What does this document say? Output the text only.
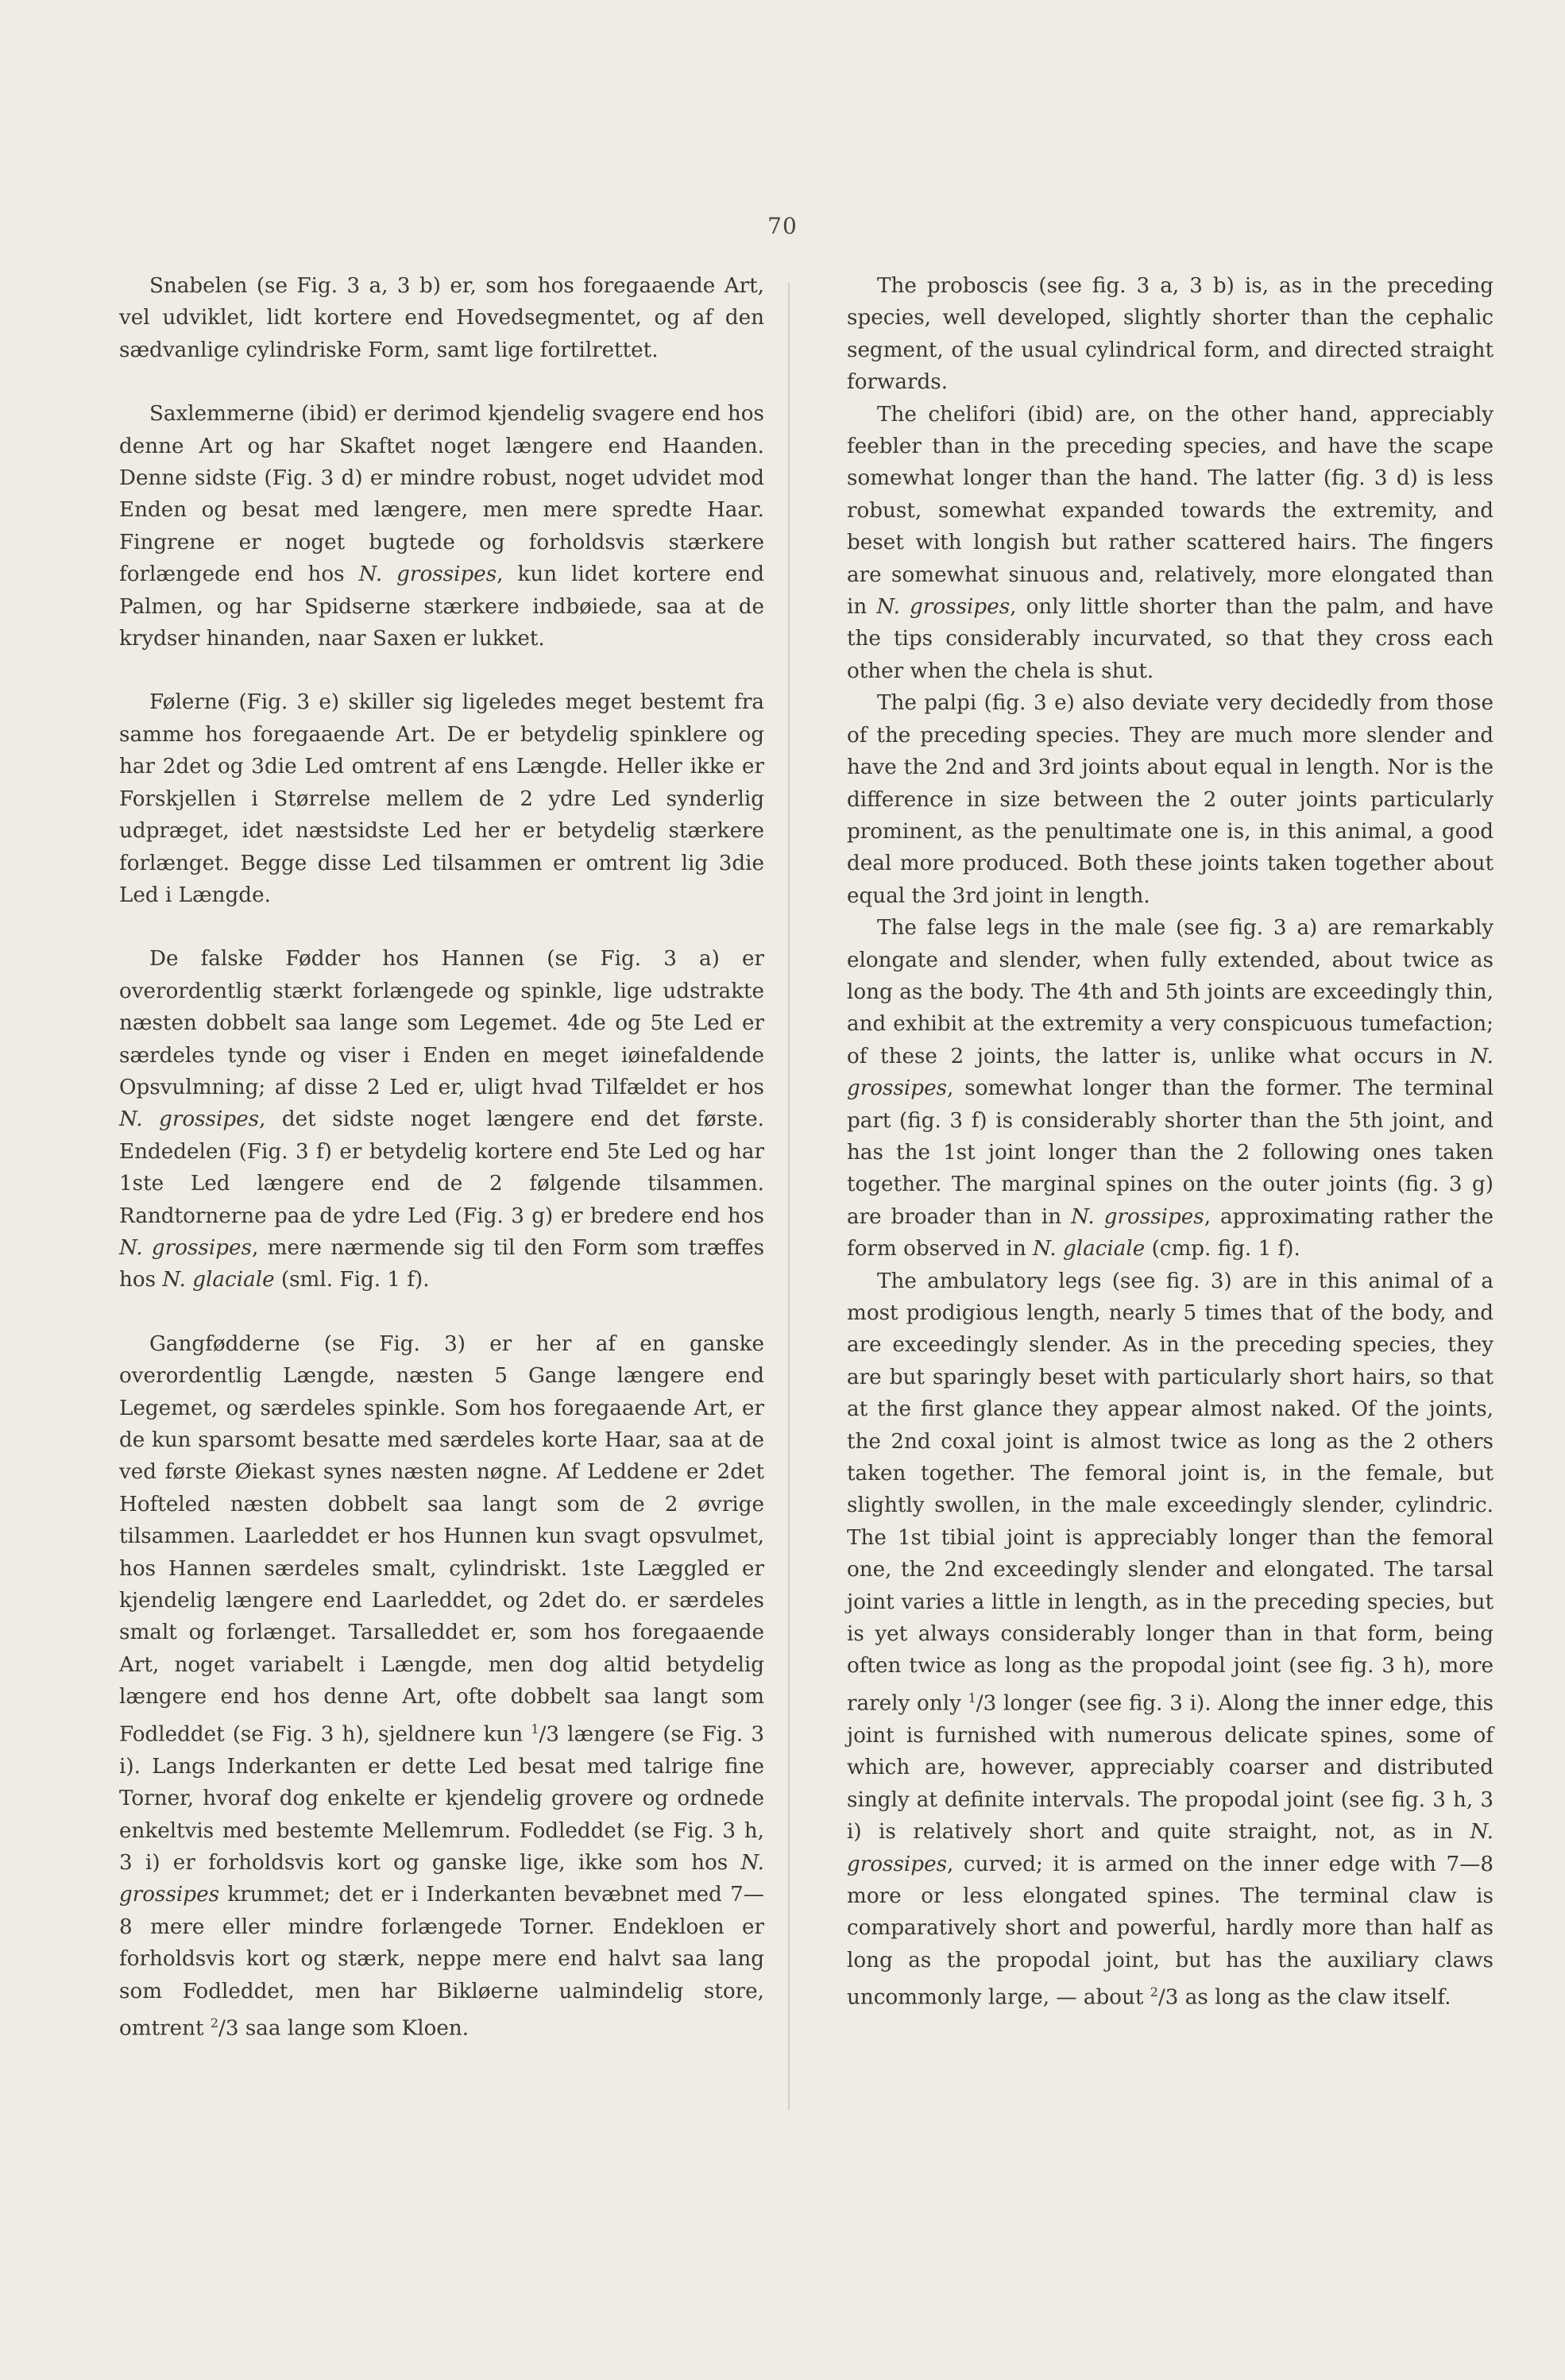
70

Snabelen (se Fig. 3 a, 3 b) er, som hos foregaaende Art, vel udviklet, lidt kortere end Hovedsegmentet, og af den sædvanlige cylindriske Form, samt lige fortilrettet.

Saxlemmerne (ibid) er derimod kjendelig svagere end hos denne Art og har Skaftet noget længere end Haanden. Denne sidste (Fig. 3 d) er mindre robust, noget udvidet mod Enden og besat med længere, men mere spredte Haar. Fingrene er noget bugtede og forholdsvis stærkere forlængede end hos N. grossipes, kun lidet kortere end Palmen, og har Spidserne stærkere indbøiede, saa at de krydser hinanden, naar Saxen er lukket.

Følerne (Fig. 3 e) skiller sig ligeledes meget bestemt fra samme hos foregaaende Art. De er betydelig spinklere og har 2det og 3die Led omtrent af ens Længde. Heller ikke er Forskjellen i Størrelse mellem de 2 ydre Led synderlig udpræget, idet næstsidste Led her er betydelig stærkere forlænget. Begge disse Led tilsammen er omtrent lig 3die Led i Længde.

De falske Fødder hos Hannen (se Fig. 3 a) er overordentlig stærkt forlængede og spinkle, lige udstrakte næsten dobbelt saa lange som Legemet. 4de og 5te Led er særdeles tynde og viser i Enden en meget iøinefaldende Opsvulmning; af disse 2 Led er, uligt hvad Tilfældet er hos N. grossipes, det sidste noget længere end det første. Endedelen (Fig. 3 f) er betydelig kortere end 5te Led og har 1ste Led længere end de 2 følgende tilsammen. Randtornerne paa de ydre Led (Fig. 3 g) er bredere end hos N. grossipes, mere nærmende sig til den Form som træffes hos N. glaciale (sml. Fig. 1 f).

Gangfødderne (se Fig. 3) er her af en ganske overordentlig Længde, næsten 5 Gange længere end Legemet, og særdeles spinkle. Som hos foregaaende Art, er de kun sparsomt besatte med særdeles korte Haar, saa at de ved første Øiekast synes næsten nøgne. Af Leddene er 2det Hofteled næsten dobbelt saa langt som de 2 øvrige tilsammen. Laarleddet er hos Hunnen kun svagt opsvulmet, hos Hannen særdeles smalt, cylindriskt. 1ste Læggled er kjendelig længere end Laarleddet, og 2det do. er særdeles smalt og forlænget. Tarsalleddet er, som hos foregaaende Art, noget variabelt i Længde, men dog altid betydelig længere end hos denne Art, ofte dobbelt saa langt som Fodleddet (se Fig. 3 h), sjeldnere kun $^1$/3 længere (se Fig. 3 i). Langs Inderkanten er dette Led besat med talrige fine Torner, hvoraf dog enkelte er kjendelig grovere og ordnede enkeltvis med bestemte Mellemrum. Fodleddet (se Fig. 3 h, 3 i) er forholdsvis kort og ganske lige, ikke som hos N. grossipes krummet; det er i Inderkanten bevæbnet med 7—8 mere eller mindre forlængede Torner. Endekloen er forholdsvis kort og stærk, neppe mere end halvt saa lang som Fodleddet, men har Bikløerne ualmindelig store, omtrent $^2$/3 saa lange som Kloen.

The proboscis (see fig. 3 a, 3 b) is, as in the preceding species, well developed, slightly shorter than the cephalic segment, of the usual cylindrical form, and directed straight forwards.

The chelifori (ibid) are, on the other hand, appreciably feebler than in the preceding species, and have the scape somewhat longer than the hand. The latter (fig. 3 d) is less robust, somewhat expanded towards the extremity, and beset with longish but rather scattered hairs. The fingers are somewhat sinuous and, relatively, more elongated than in N. grossipes, only little shorter than the palm, and have the tips considerably incurvated, so that they cross each other when the chela is shut.

The palpi (fig. 3 e) also deviate very decidedly from those of the preceding species. They are much more slender and have the 2nd and 3rd joints about equal in length. Nor is the difference in size between the 2 outer joints particularly prominent, as the penultimate one is, in this animal, a good deal more produced. Both these joints taken together about equal the 3rd joint in length.

The false legs in the male (see fig. 3 a) are remarkably elongate and slender, when fully extended, about twice as long as the body. The 4th and 5th joints are exceedingly thin, and exhibit at the extremity a very conspicuous tumefaction; of these 2 joints, the latter is, unlike what occurs in N. grossipes, somewhat longer than the former. The terminal part (fig. 3 f) is considerably shorter than the 5th joint, and has the 1st joint longer than the 2 following ones taken together. The marginal spines on the outer joints (fig. 3 g) are broader than in N. grossipes, approximating rather the form observed in N. glaciale (cmp. fig. 1 f).

The ambulatory legs (see fig. 3) are in this animal of a most prodigious length, nearly 5 times that of the body, and are exceedingly slender. As in the preceding species, they are but sparingly beset with particularly short hairs, so that at the first glance they appear almost naked. Of the joints, the 2nd coxal joint is almost twice as long as the 2 others taken together. The femoral joint is, in the female, but slightly swollen, in the male exceedingly slender, cylindric. The 1st tibial joint is appreciably longer than the femoral one, the 2nd exceedingly slender and elongated. The tarsal joint varies a little in length, as in the preceding species, but is yet always considerably longer than in that form, being often twice as long as the propodal joint (see fig. 3 h), more rarely only $^1$/3 longer (see fig. 3 i). Along the inner edge, this joint is furnished with numerous delicate spines, some of which are, however, appreciably coarser and distributed singly at definite intervals. The propodal joint (see fig. 3 h, 3 i) is relatively short and quite straight, not, as in N. grossipes, curved; it is armed on the inner edge with 7—8 more or less elongated spines. The terminal claw is comparatively short and powerful, hardly more than half as long as the propodal joint, but has the auxiliary claws uncommonly large, — about $^2$/3 as long as the claw itself.
